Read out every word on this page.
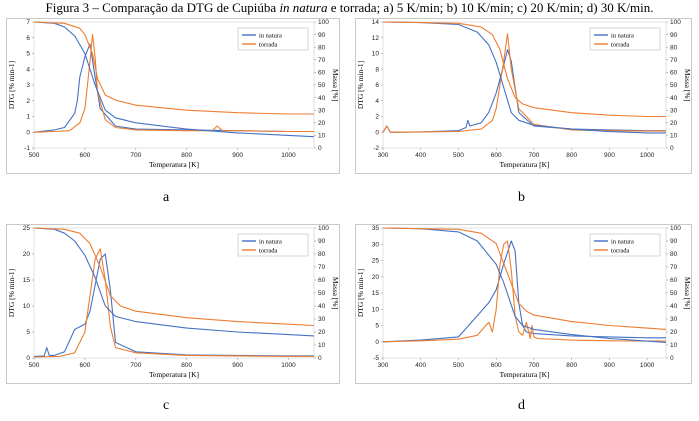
Figura 3 – Comparação da DTG de Cupiúba in natura e torrada; a) 5 K/min; b) 10 K/min; c) 20 K/min; d) 30 K/min.
-1
0
1
2
3
4
5
6
7
0
10
20
30
40
50
60
70
80
90
100
500	600	700	800	900	1000
Temperatura [K]
DTG [% min-1]	Massa [%]
in natura
torrada
a
-2
0
2
4
6
8
10
12
14
0
10
20
30
40
50
60
70
80
90
100
300	400	500	600	700	800	900	1000
Temperatura [K]
DTG [% min-1]	Massa [%]
in natura
torrada
b
0
5
10
15
20
25
0
10
20
30
40
50
60
70
80
90
100
500	600	700	800	900	1000
Temperatura [K]
DTG [% min-1]	Massa [%]
in natura
torrada
c
-5
0
5
10
15
20
25
30
35
0
10
20
30
40
50
60
70
80
90
100
300	400	500	600	700	800	900	1000
Temperatura [K]
DTG [% min-1]	Massa [%]
in natura
torrada
d
